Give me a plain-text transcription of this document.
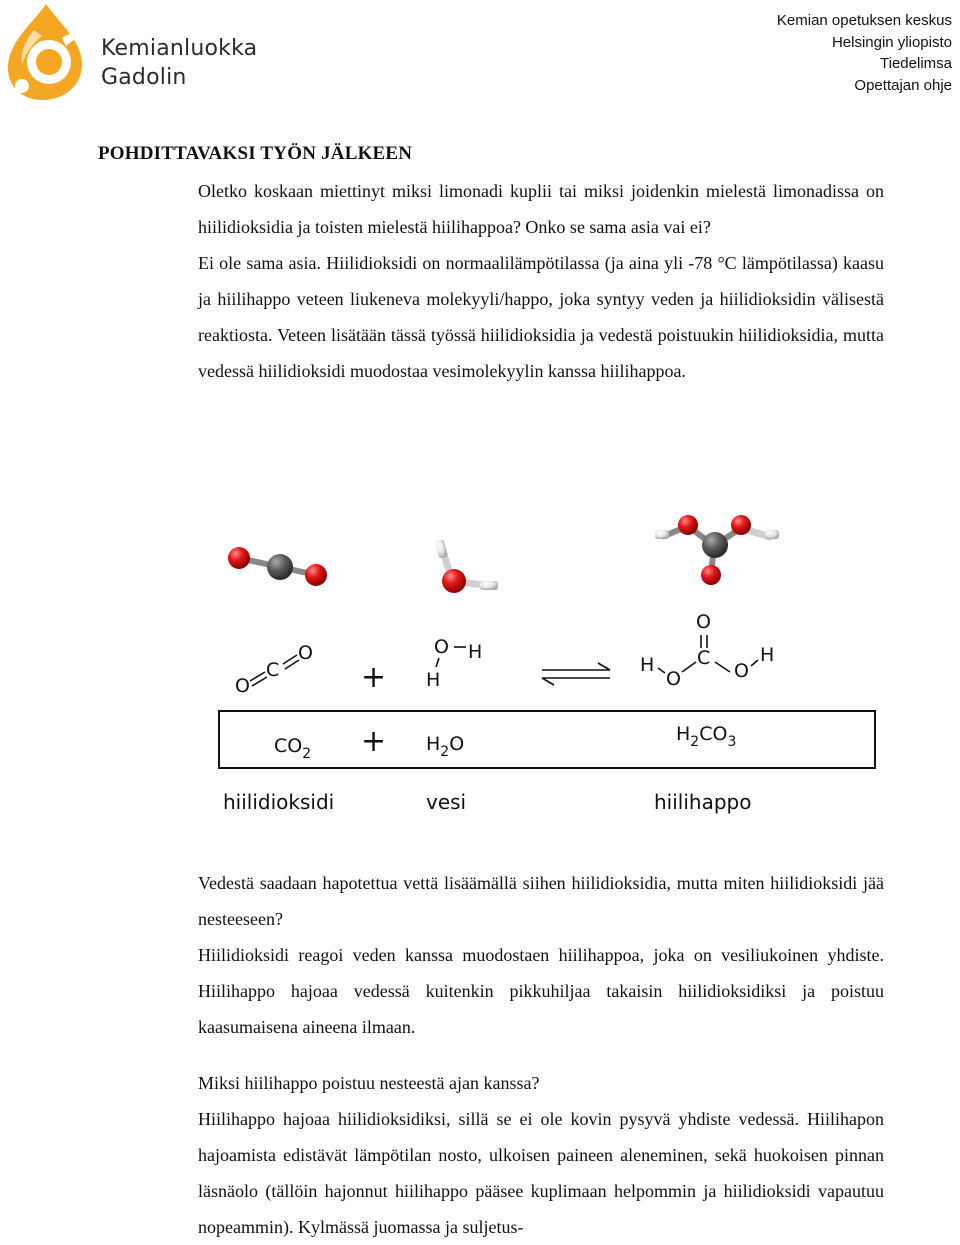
Kemianluokka
Gadolin
Kemian opetuksen keskus
Helsingin yliopisto
Tiedelimsa
Opettajan ohje
POHDITTAVAKSI TYÖN JÄLKEEN

Oletko koskaan miettinyt miksi limonadi kuplii tai miksi joidenkin mielestä limonadissa on hiilidioksidia ja toisten mielestä hiilihappoa? Onko se sama asia vai ei?

Ei ole sama asia. Hiilidioksidi on normaalilämpötilassa (ja aina yli -78 °C lämpötilassa) kaasu ja hiilihappo veteen liukeneva molekyyli/happo, joka syntyy veden ja hiilidioksidin välisestä reaktiosta. Veteen lisätään tässä työssä hiilidioksidia ja vedestä poistuukin hiilidioksidia, mutta vedessä hiilidioksidi muodostaa vesimolekyylin kanssa hiilihappoa.

O
C
O
+
O H
H
O
C
O
H	O
H
$CO_2 + H_2O$	$H_2CO_3$
hiilidioksidi	vesi	hiilihappo

Vedestä saadaan hapotettua vettä lisäämällä siihen hiilidioksidia, mutta miten hiilidioksidi jää nesteeseen?

Hiilidioksidi reagoi veden kanssa muodostaen hiilihappoa, joka on vesiliukoinen yhdiste. Hiilihappo hajoaa vedessä kuitenkin pikkuhiljaa takaisin hiilidioksidiksi ja poistuu kaasumaisena aineena ilmaan.

Miksi hiilihappo poistuu nesteestä ajan kanssa?

Hiilihappo hajoaa hiilidioksidiksi, sillä se ei ole kovin pysyvä yhdiste vedessä. Hiilihapon hajoamista edistävät lämpötilan nosto, ulkoisen paineen aleneminen, sekä huokoisen pinnan läsnäolo (tällöin hajonnut hiilihappo pääsee kuplimaan helpommin ja hiilidioksidi vapautuu nopeammin). Kylmässä juomassa ja suljetus-
